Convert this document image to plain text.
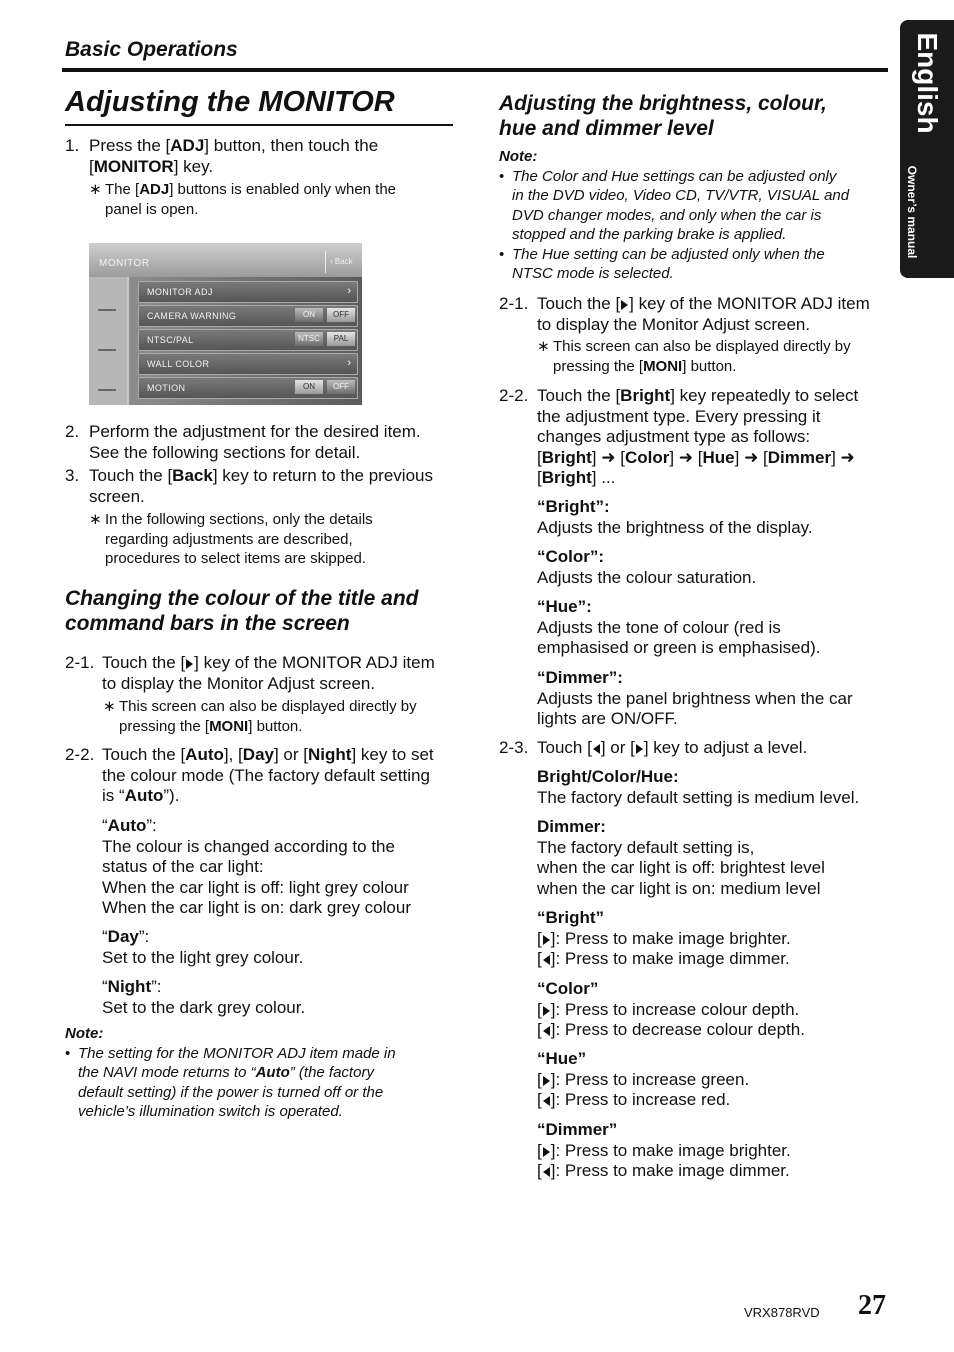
Basic Operations	English
Owner’s manual
Adjusting the MONITOR

1. Press the [ADJ] button, then touch the

[MONITOR] key.

∗ The [ADJ] buttons is enabled only when the

panel is open.

MONITOR	‹ Back
MONITOR ADJ	›
CAMERA WARNING	ON	OFF
NTSC/PAL	NTSC	PAL
WALL COLOR	›
MOTION	ON	OFF

2. Perform the adjustment for the desired item.

See the following sections for detail.

3. Touch the [Back] key to return to the previous

screen.

∗ In the following sections, only the details

regarding adjustments are described,

procedures to select items are skipped.

Changing the colour of the title and

command bars in the screen

2-1. Touch the [ ] key of the MONITOR ADJ item

to display the Monitor Adjust screen.

∗ This screen can also be displayed directly by

pressing the [MONI] button.

2-2. Touch the [Auto], [Day] or [Night] key to set

the colour mode (The factory default setting

is “Auto”).

“Auto”:

The colour is changed according to the

status of the car light:

When the car light is off: light grey colour

When the car light is on: dark grey colour

“Day”:

Set to the light grey colour.

“Night”:

Set to the dark grey colour.

Note:

• The setting for the MONITOR ADJ item made in

the NAVI mode returns to “Auto” (the factory

default setting) if the power is turned off or the

vehicle’s illumination switch is operated.

Adjusting the brightness, colour,

hue and dimmer level

Note:

• The Color and Hue settings can be adjusted only

in the DVD video, Video CD, TV/VTR, VISUAL and

DVD changer modes, and only when the car is

stopped and the parking brake is applied.

• The Hue setting can be adjusted only when the

NTSC mode is selected.

2-1. Touch the [ ] key of the MONITOR ADJ item

to display the Monitor Adjust screen.

∗ This screen can also be displayed directly by

pressing the [MONI] button.

2-2. Touch the [Bright] key repeatedly to select

the adjustment type. Every pressing it

changes adjustment type as follows:

[Bright] ➜ [Color] ➜ [Hue] ➜ [Dimmer] ➜

[Bright] ...

“Bright”:

Adjusts the brightness of the display.

“Color”:

Adjusts the colour saturation.

“Hue”:

Adjusts the tone of colour (red is

emphasised or green is emphasised).

“Dimmer”:

Adjusts the panel brightness when the car

lights are ON/OFF.

2-3. Touch [ ] or [ ] key to adjust a level.

Bright/Color/Hue:

The factory default setting is medium level.

Dimmer:

The factory default setting is,

when the car light is off: brightest level

when the car light is on: medium level

“Bright”

[ ]: Press to make image brighter.

[ ]: Press to make image dimmer.

“Color”

[ ]: Press to increase colour depth.

[ ]: Press to decrease colour depth.

“Hue”

[ ]: Press to increase green.

[ ]: Press to increase red.

“Dimmer”

[ ]: Press to make image brighter.

[ ]: Press to make image dimmer.

VRX878RVD 27
